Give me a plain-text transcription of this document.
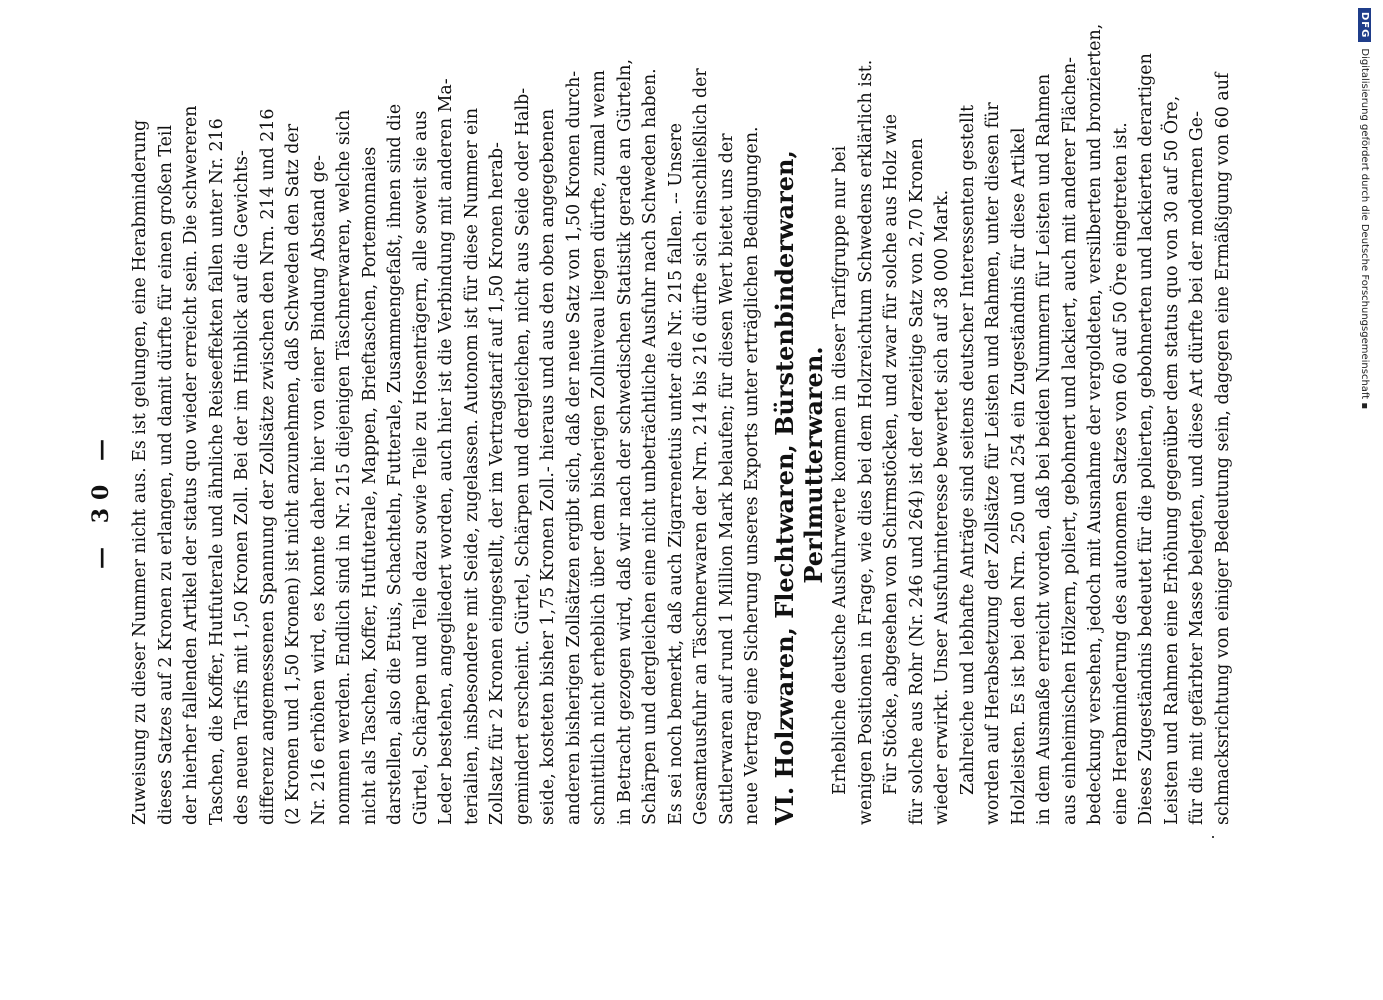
— 30 — Zuweisung zu dieser Nummer nicht aus. Es ist gelungen, eine Herabminderung dieses Satzes auf 2 Kronen zu erlangen, und damit dürfte für einen großen Teil der hierher fallenden Artikel der status quo wieder erreicht sein. Die schwereren Taschen, die Koffer, Hutfuterale und ähnliche Reiseeffekten fallen unter Nr. 216 des neuen Tarifs mit 1,50 Kronen Zoll. Bei der im Hinblick auf die Gewichts- differenz angemessenen Spannung der Zollsätze zwischen den Nrn. 214 und 216 (2 Kronen und 1,50 Kronen) ist nicht anzunehmen, daß Schweden den Satz der Nr. 216 erhöhen wird, es konnte daher hier von einer Bindung Abstand ge- nommen werden. Endlich sind in Nr. 215 diejenigen Täschnerwaren, welche sich nicht als Taschen, Koffer, Hutfuterale, Mappen, Brieftaschen, Portemonnaies darstellen, also die Etuis, Schachteln, Futterale, Zusammengefaßt, ihnen sind die Gürtel, Schärpen und Teile dazu sowie Teile zu Hosenträgern, alle soweit sie aus Leder bestehen, angegliedert worden, auch hier ist die Verbindung mit anderen Ma- terialien, insbesondere mit Seide, zugelassen. Autonom ist für diese Nummer ein Zollsatz für 2 Kronen eingestellt, der im Vertragstarif auf 1,50 Kronen herab- gemindert erscheint. Gürtel, Schärpen und dergleichen, nicht aus Seide oder Halb- seide, kosteten bisher 1,75 Kronen Zoll.- hieraus und aus den oben angegebenen anderen bisherigen Zollsätzen ergibt sich, daß der neue Satz von 1,50 Kronen durch- schnittlich nicht erheblich über dem bisherigen Zollniveau liegen dürfte, zumal wenn in Betracht gezogen wird, daß wir nach der schwedischen Statistik gerade an Gürteln, Schärpen und dergleichen eine nicht unbeträchtliche Ausfuhr nach Schweden haben. Es sei noch bemerkt, daß auch Zigarrenetuis unter die Nr. 215 fallen. -- Unsere Gesamtausfuhr an Täschnerwaren der Nrn. 214 bis 216 dürfte sich einschließlich der Sattlerwaren auf rund 1 Million Mark belaufen; für diesen Wert bietet uns der neue Vertrag eine Sicherung unseres Exports unter erträglichen Bedingungen. VI. Holzwaren, Flechtwaren, Bürstenbinderwaren, Perlmutterwaren. Erhebliche deutsche Ausfuhrwerte kommen in dieser Tarifgruppe nur bei wenigen Positionen in Frage, wie dies bei dem Holzreichtum Schwedens erklärlich ist. Für Stöcke, abgesehen von Schirmstöcken, und zwar für solche aus Holz wie für solche aus Rohr (Nr. 246 und 264) ist der derzeitige Satz von 2,70 Kronen wieder erwirkt. Unser Ausfuhrinteresse bewertet sich auf 38 000 Mark. Zahlreiche und lebhafte Anträge sind seitens deutscher Interessenten gestellt worden auf Herabsetzung der Zollsätze für Leisten und Rahmen, unter diesen für Holzleisten. Es ist bei den Nrn. 250 und 254 ein Zugeständnis für diese Artikel in dem Ausmaße erreicht worden, daß bei beiden Nummern für Leisten und Rahmen aus einheimischen Hölzern, poliert, gebohnert und lackiert, auch mit anderer Flächen- bedeckung versehen, jedoch mit Ausnahme der vergoldeten, versilberten und bronzierten, eine Herabminderung des autonomen Satzes von 60 auf 50 Öre eingetreten ist. Dieses Zugeständnis bedeutet für die polierten, gebohnerten und lackierten derartigen Leisten und Rahmen eine Erhöhung gegenüber dem status quo von 30 auf 50 Öre, für die mit gefärbter Masse belegten, und diese Art dürfte bei der modernen Ge- schmacksrichtung von einiger Bedeutung sein, dagegen eine Ermäßigung von 60 auf

DFG
Digitalisierung gefördert durch die Deutsche Forschungsgemeinschaft ▪
